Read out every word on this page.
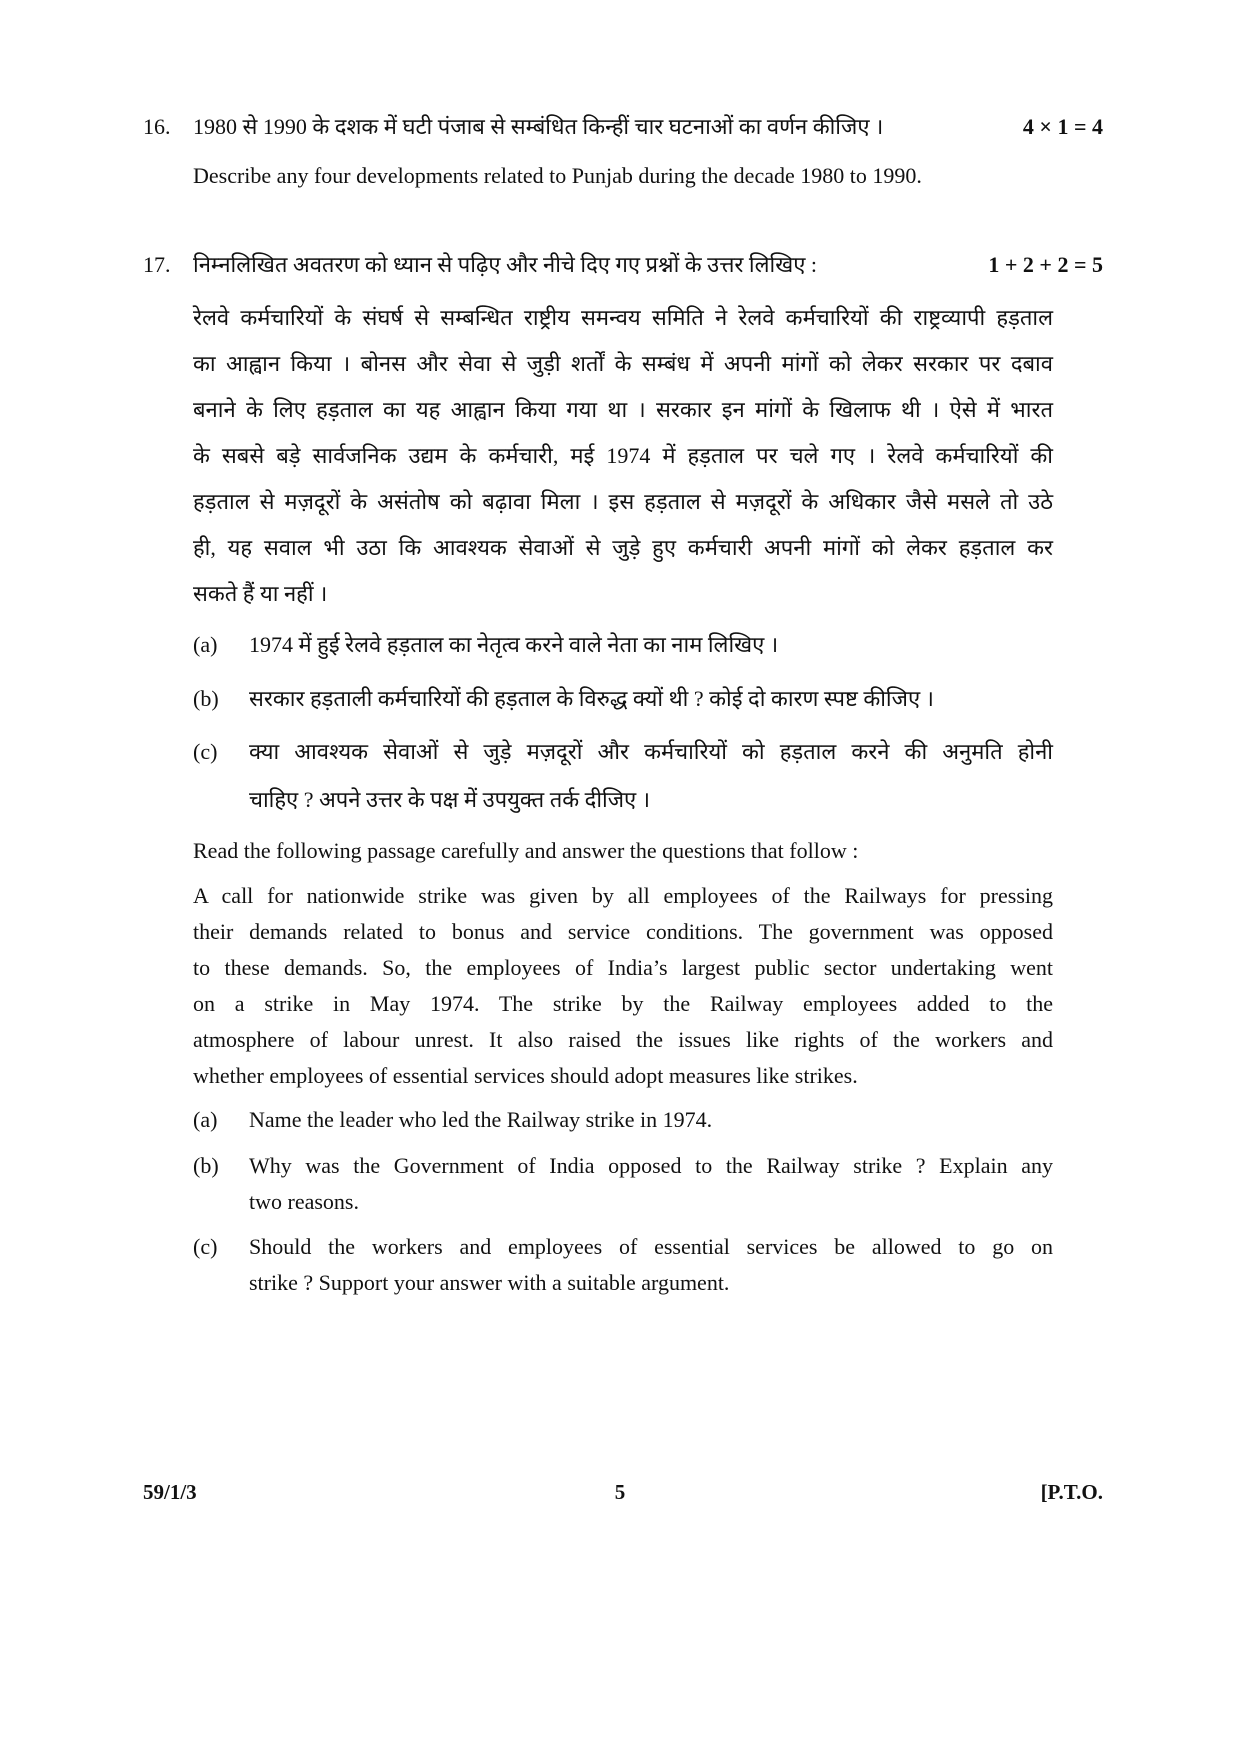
16.	1980 से 1990 के दशक में घटी पंजाब से सम्बंधित किन्हीं चार घटनाओं का वर्णन कीजिए ।	4 × 1 = 4
Describe any four developments related to Punjab during the decade 1980 to 1990.
17.	निम्नलिखित अवतरण को ध्यान से पढ़िए और नीचे दिए गए प्रश्नों के उत्तर लिखिए :	1 + 2 + 2 = 5
रेलवे कर्मचारियों के संघर्ष से सम्बन्धित राष्ट्रीय समन्वय समिति ने रेलवे कर्मचारियों की राष्ट्रव्यापी हड़ताल
का आह्वान किया । बोनस और सेवा से जुड़ी शर्तों के सम्बंध में अपनी मांगों को लेकर सरकार पर दबाव
बनाने के लिए हड़ताल का यह आह्वान किया गया था । सरकार इन मांगों के खिलाफ थी । ऐसे में भारत
के सबसे बड़े सार्वजनिक उद्यम के कर्मचारी, मई 1974 में हड़ताल पर चले गए । रेलवे कर्मचारियों की
हड़ताल से मज़दूरों के असंतोष को बढ़ावा मिला । इस हड़ताल से मज़दूरों के अधिकार जैसे मसले तो उठे
ही, यह सवाल भी उठा कि आवश्यक सेवाओं से जुड़े हुए कर्मचारी अपनी मांगों को लेकर हड़ताल कर
सकते हैं या नहीं ।
(a)	1974 में हुई रेलवे हड़ताल का नेतृत्व करने वाले नेता का नाम लिखिए ।
(b)	सरकार हड़ताली कर्मचारियों की हड़ताल के विरुद्ध क्यों थी ? कोई दो कारण स्पष्ट कीजिए ।
(c)	क्या आवश्यक सेवाओं से जुड़े मज़दूरों और कर्मचारियों को हड़ताल करने की अनुमति होनी
चाहिए ? अपने उत्तर के पक्ष में उपयुक्त तर्क दीजिए ।
Read the following passage carefully and answer the questions that follow :
A call for nationwide strike was given by all employees of the Railways for pressing
their demands related to bonus and service conditions. The government was opposed
to these demands. So, the employees of India’s largest public sector undertaking went
on a strike in May 1974. The strike by the Railway employees added to the
atmosphere of labour unrest. It also raised the issues like rights of the workers and
whether employees of essential services should adopt measures like strikes.
(a)	Name the leader who led the Railway strike in 1974.
(b)	Why was the Government of India opposed to the Railway strike ? Explain any
two reasons.
(c)	Should the workers and employees of essential services be allowed to go on
strike ? Support your answer with a suitable argument.
59/1/3	5	[P.T.O.
